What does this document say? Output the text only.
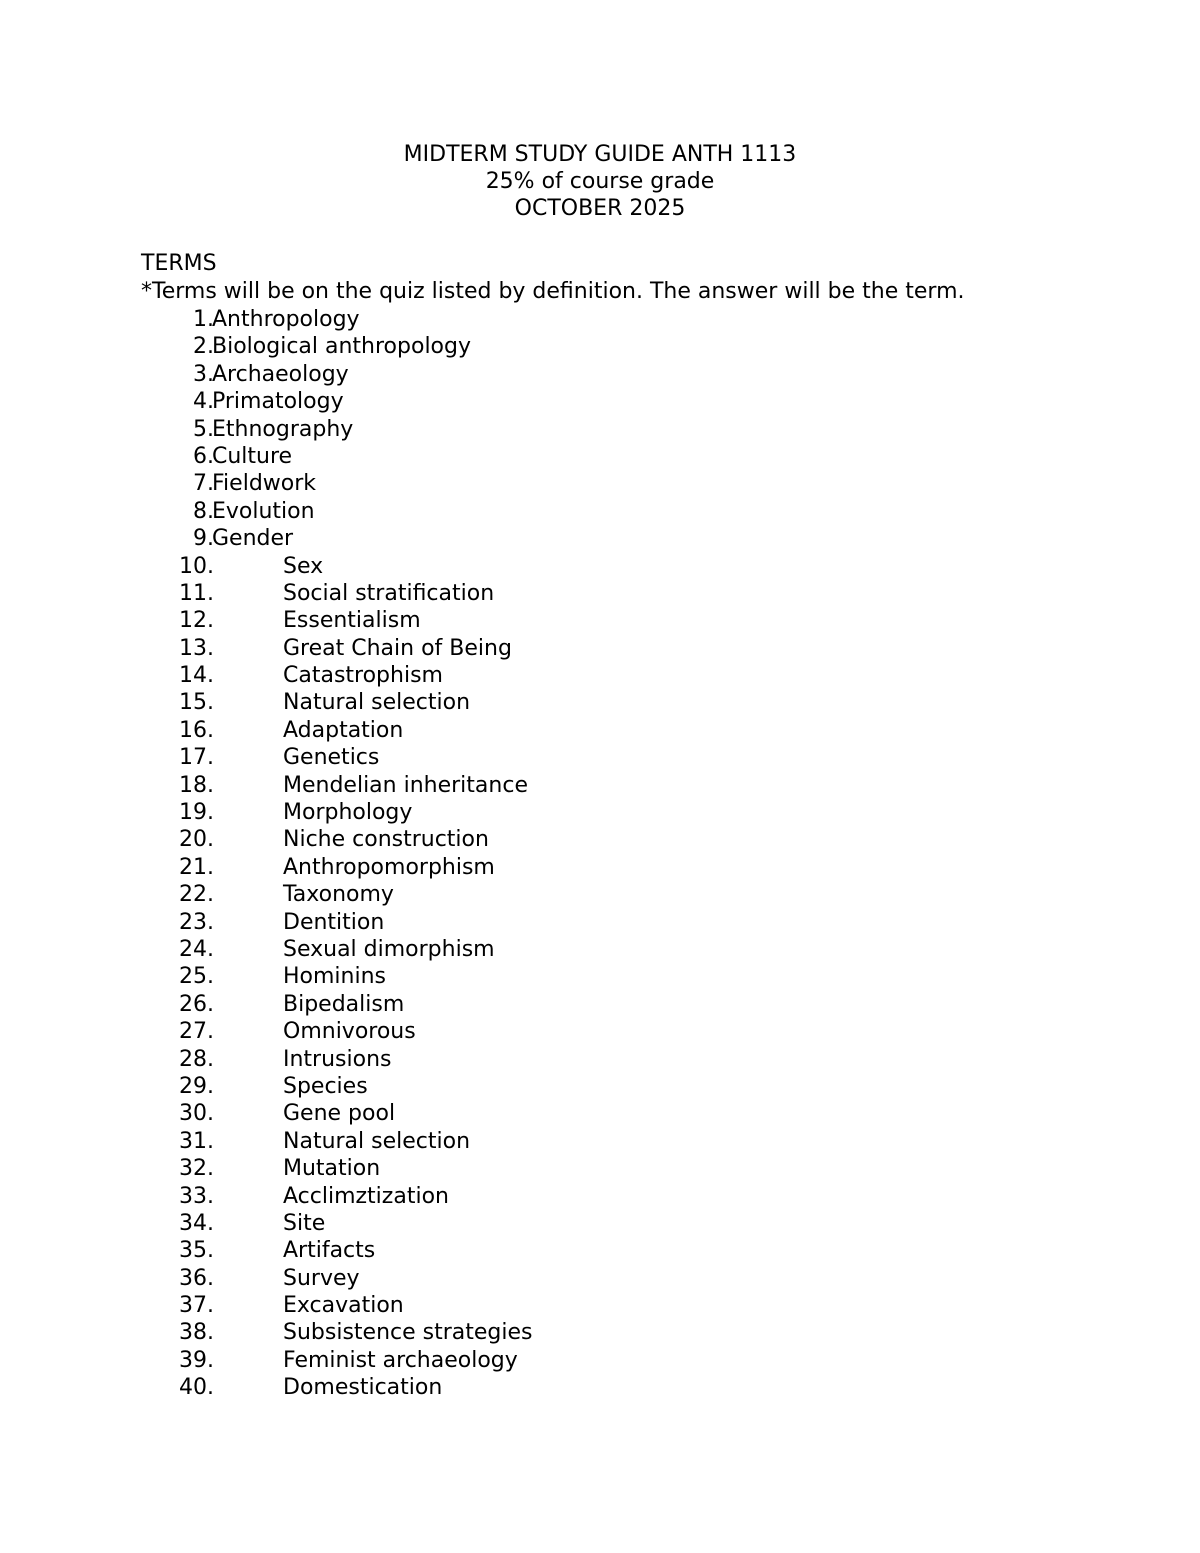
MIDTERM STUDY GUIDE ANTH 1113
25% of course grade
OCTOBER 2025
TERMS
*Terms will be on the quiz listed by definition. The answer will be the term.
1.
Anthropology
2.
Biological anthropology
3.
Archaeology
4.
Primatology
5.
Ethnography
6.
Culture
7.
Fieldwork
8.
Evolution
9.
Gender
10.	Sex
11.	Social stratification
12.	Essentialism
13.	Great Chain of Being
14.	Catastrophism
15.	Natural selection
16.	Adaptation
17.	Genetics
18.	Mendelian inheritance
19.	Morphology
20.	Niche construction
21.	Anthropomorphism
22.	Taxonomy
23.	Dentition
24.	Sexual dimorphism
25.	Hominins
26.	Bipedalism
27.	Omnivorous
28.	Intrusions
29.	Species
30.	Gene pool
31.	Natural selection
32.	Mutation
33.	Acclimztization
34.	Site
35.	Artifacts
36.	Survey
37.	Excavation
38.	Subsistence strategies
39.	Feminist archaeology
40.	Domestication
